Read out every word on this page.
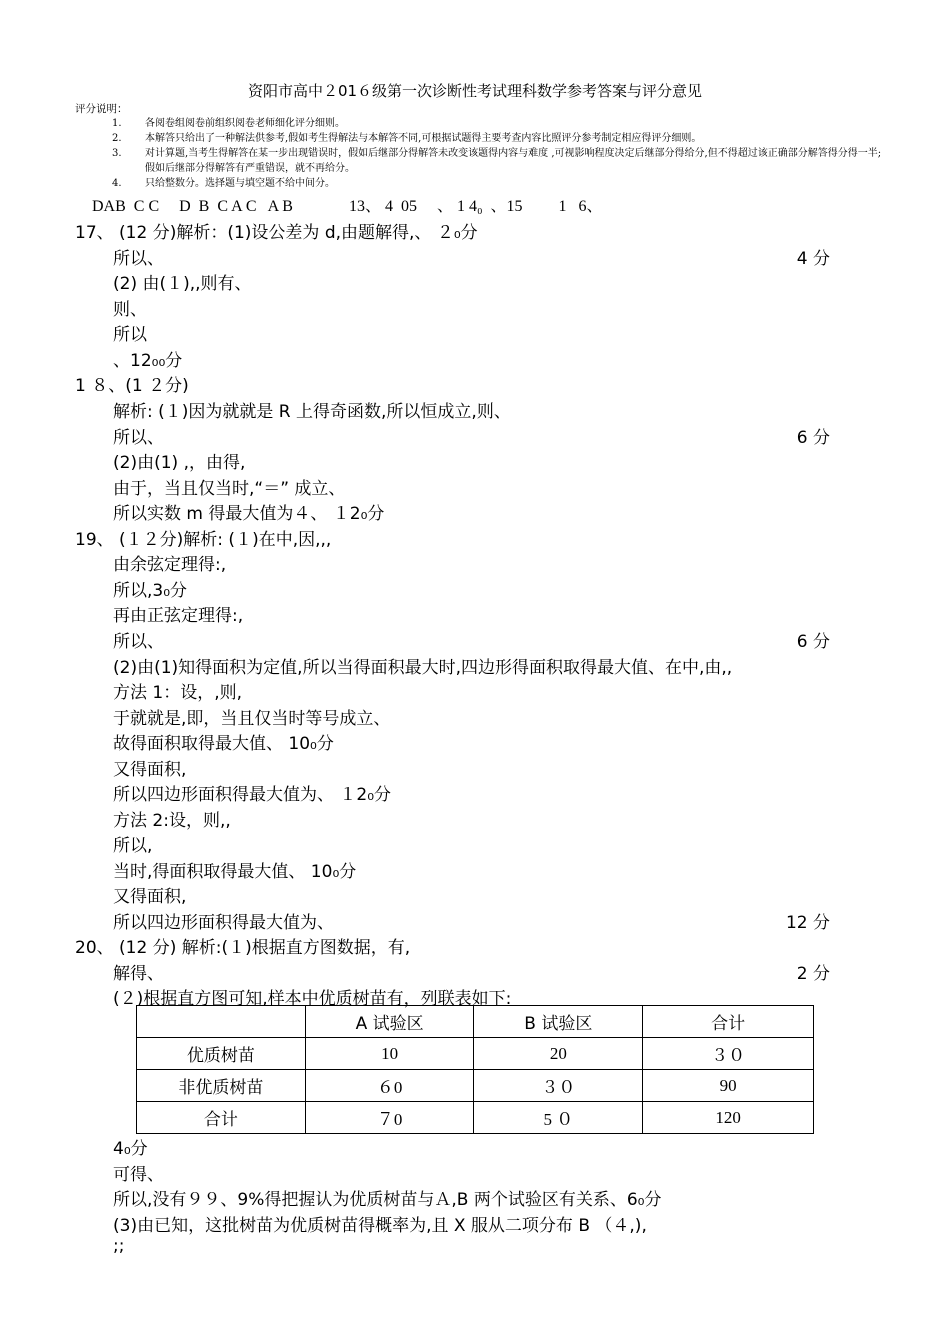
资阳市高中２01６级第一次诊断性考试理科数学参考答案与评分意见
评分说明：
1. 各阅卷组阅卷前组织阅卷老师细化评分细则。
2. 本解答只给出了一种解法供参考,假如考生得解法与本解答不同,可根据试题得主要考查内容比照评分参考制定相应得评分细则。
3. 对计算题,当考生得解答在某一步出现错误时，假如后继部分得解答未改变该题得内容与难度 ,可视影响程度决定后继部分得给分,但不得超过该正确部分解答得分得一半;假如后继部分得解答有严重错误，就不再给分。
4. 只给整数分。选择题与填空题不给中间分。
DAB  C C     D  B  C A C   A B              13、 4  05     、 1 4₀  、15         1   6、
17、 (12 分)解析：(1)设公差为 d,由题解得,、 ２₀分
所以、	4 分
(2) 由(１),,则有、
则、
所以
、12₀₀分
1 ８、(1 ２分)
解析: (１)因为就就是 R 上得奇函数,所以恒成立,则、
所以、	6 分
(2)由(1) ,，由得,
由于，当且仅当时,“＝” 成立、
所以实数 m 得最大值为４、 １2₀分
19、 (１２分)解析: (１)在中,因,,,
由余弦定理得:,
所以,3₀分
再由正弦定理得:,
所以、	6 分
(2)由(1)知得面积为定值,所以当得面积最大时,四边形得面积取得最大值、在中,由,,
方法 1：设，,则,
于就就是,即，当且仅当时等号成立、
故得面积取得最大值、 10₀分
又得面积,
所以四边形面积得最大值为、 １2₀分
方法 2:设，则,,
所以,
当时,得面积取得最大值、 10₀分
又得面积,
所以四边形面积得最大值为、	12 分
20、 (12 分) 解析:(１)根据直方图数据，有,
解得、	2 分
(２)根据直方图可知,样本中优质树苗有，列联表如下:
	A 试验区	B 试验区	合计
优质树苗	10	20	３０
非优质树苗	６0	３０	90
合计	７0	5 ０	120
4₀分
可得、
所以,没有９９、9%得把握认为优质树苗与Ａ,B 两个试验区有关系、6₀分
(3)由已知，这批树苗为优质树苗得概率为,且 X 服从二项分布 B （４,),
;;
